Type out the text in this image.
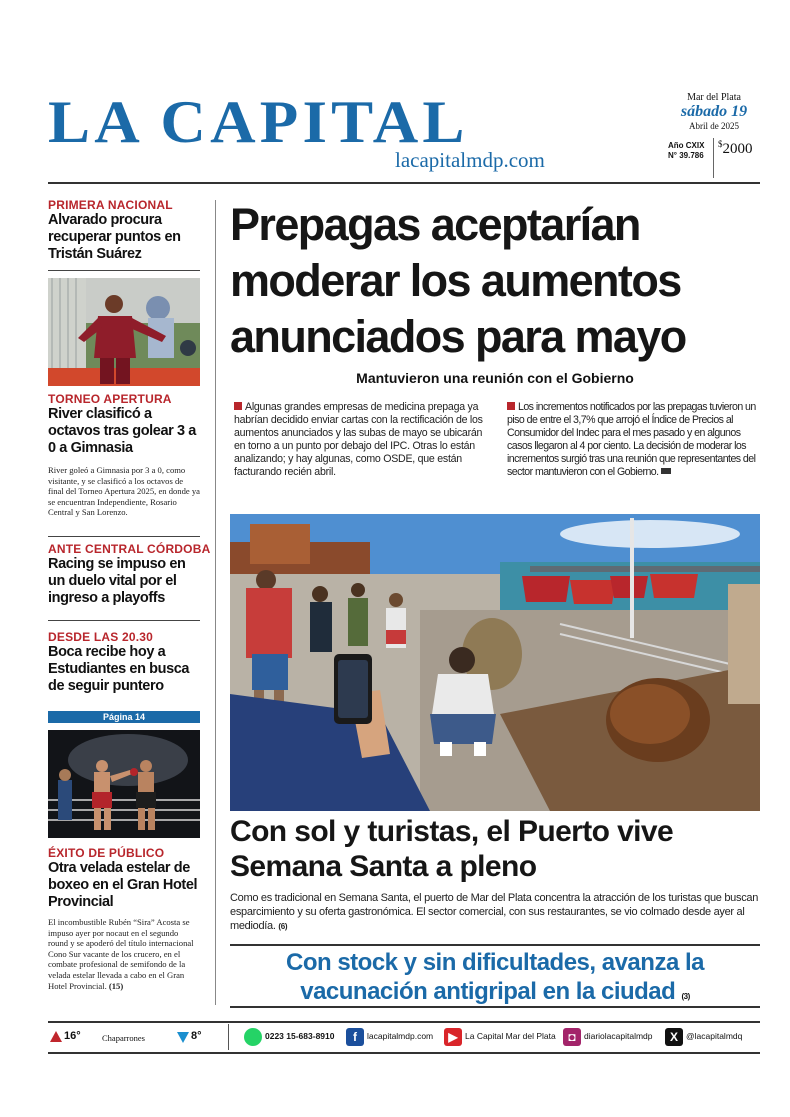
LA CAPITAL
lacapitalmdp.com
Mar del Plata
sábado 19
Abril de 2025
Año CXIX
N° 39.786
$2000
PRIMERA NACIONAL
Alvarado procura recuperar puntos en Tristán Suárez
TORNEO APERTURA
River clasificó a octavos tras golear 3 a 0 a Gimnasia
River goleó a Gimnasia por 3 a 0, como visitante, y se clasificó a los octavos de final del Torneo Apertura 2025, en donde ya se encuentran Independiente, Rosario Central y San Lorenzo.
ANTE CENTRAL CÓRDOBA
Racing se impuso en un duelo vital por el ingreso a playoffs
DESDE LAS 20.30
Boca recibe hoy a Estudiantes en busca de seguir puntero
Página 14
ÉXITO DE PÚBLICO
Otra velada estelar de boxeo en el Gran Hotel Provincial
El incombustible Rubén “Sira” Acosta se impuso ayer por nocaut en el segundo round y se apoderó del título internacional Cono Sur vacante de los crucero, en el combate profesional de semifondo de la velada estelar llevada a cabo en el Gran Hotel Provincial. (15)
Prepagas aceptarían moderar los aumentos anunciados para mayo
Mantuvieron una reunión con el Gobierno
Algunas grandes empresas de medicina prepaga ya habrían decidido enviar cartas con la rectificación de los aumentos anunciados y las subas de mayo se ubicarán en torno a un punto por debajo del IPC. Otras lo están analizando; y hay algunas, como OSDE, que están facturando recién abril.
Los incrementos notificados por las prepagas tuvieron un piso de entre el 3,7% que arrojó el Índice de Precios al Consumidor del Indec para el mes pasado y en algunos casos llegaron al 4 por ciento. La decisión de moderar los incrementos surgió tras una reunión que representantes del sector mantuvieron con el Gobierno.
Con sol y turistas, el Puerto vive Semana Santa a pleno
Como es tradicional en Semana Santa, el puerto de Mar del Plata concentra la atracción de los turistas que buscan esparcimiento y su oferta gastronómica. El sector comercial, con sus restaurantes, se vio colmado desde ayer al mediodía. (6)
Con stock y sin dificultades, avanza la vacunación antigripal en la ciudad (3)
16°	Chaparrones	8°	0223 15-683-8910	f	lacapitalmdp.com	▶ La Capital Mar del Plata	◘ diariolacapitalmdp	X @lacapitalmdq
